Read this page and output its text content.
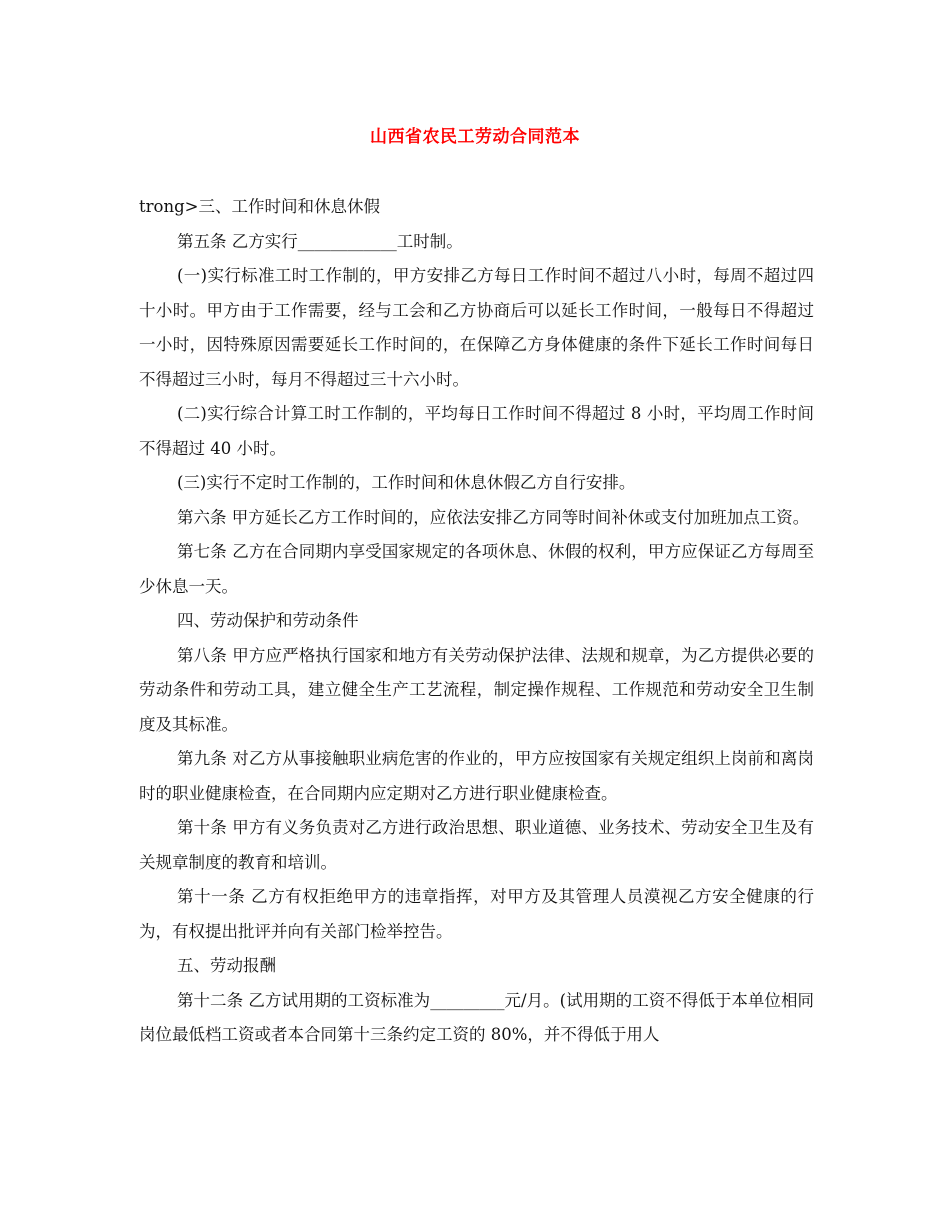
山西省农民工劳动合同范本

trong>三、工作时间和休息休假

第五条 乙方实行____________工时制。

(一)实行标准工时工作制的，甲方安排乙方每日工作时间不超过八小时，每周不超过四十小时。甲方由于工作需要，经与工会和乙方协商后可以延长工作时间，一般每日不得超过一小时，因特殊原因需要延长工作时间的，在保障乙方身体健康的条件下延长工作时间每日不得超过三小时，每月不得超过三十六小时。

(二)实行综合计算工时工作制的，平均每日工作时间不得超过 8 小时，平均周工作时间不得超过 40 小时。

(三)实行不定时工作制的，工作时间和休息休假乙方自行安排。

第六条 甲方延长乙方工作时间的，应依法安排乙方同等时间补休或支付加班加点工资。

第七条 乙方在合同期内享受国家规定的各项休息、休假的权利，甲方应保证乙方每周至少休息一天。

四、劳动保护和劳动条件

第八条 甲方应严格执行国家和地方有关劳动保护法律、法规和规章，为乙方提供必要的劳动条件和劳动工具，建立健全生产工艺流程，制定操作规程、工作规范和劳动安全卫生制度及其标准。

第九条 对乙方从事接触职业病危害的作业的，甲方应按国家有关规定组织上岗前和离岗时的职业健康检查，在合同期内应定期对乙方进行职业健康检查。

第十条 甲方有义务负责对乙方进行政治思想、职业道德、业务技术、劳动安全卫生及有关规章制度的教育和培训。

第十一条 乙方有权拒绝甲方的违章指挥，对甲方及其管理人员漠视乙方安全健康的行为，有权提出批评并向有关部门检举控告。

五、劳动报酬

第十二条 乙方试用期的工资标准为_________元/月。(试用期的工资不得低于本单位相同岗位最低档工资或者本合同第十三条约定工资的 80%，并不得低于用人
